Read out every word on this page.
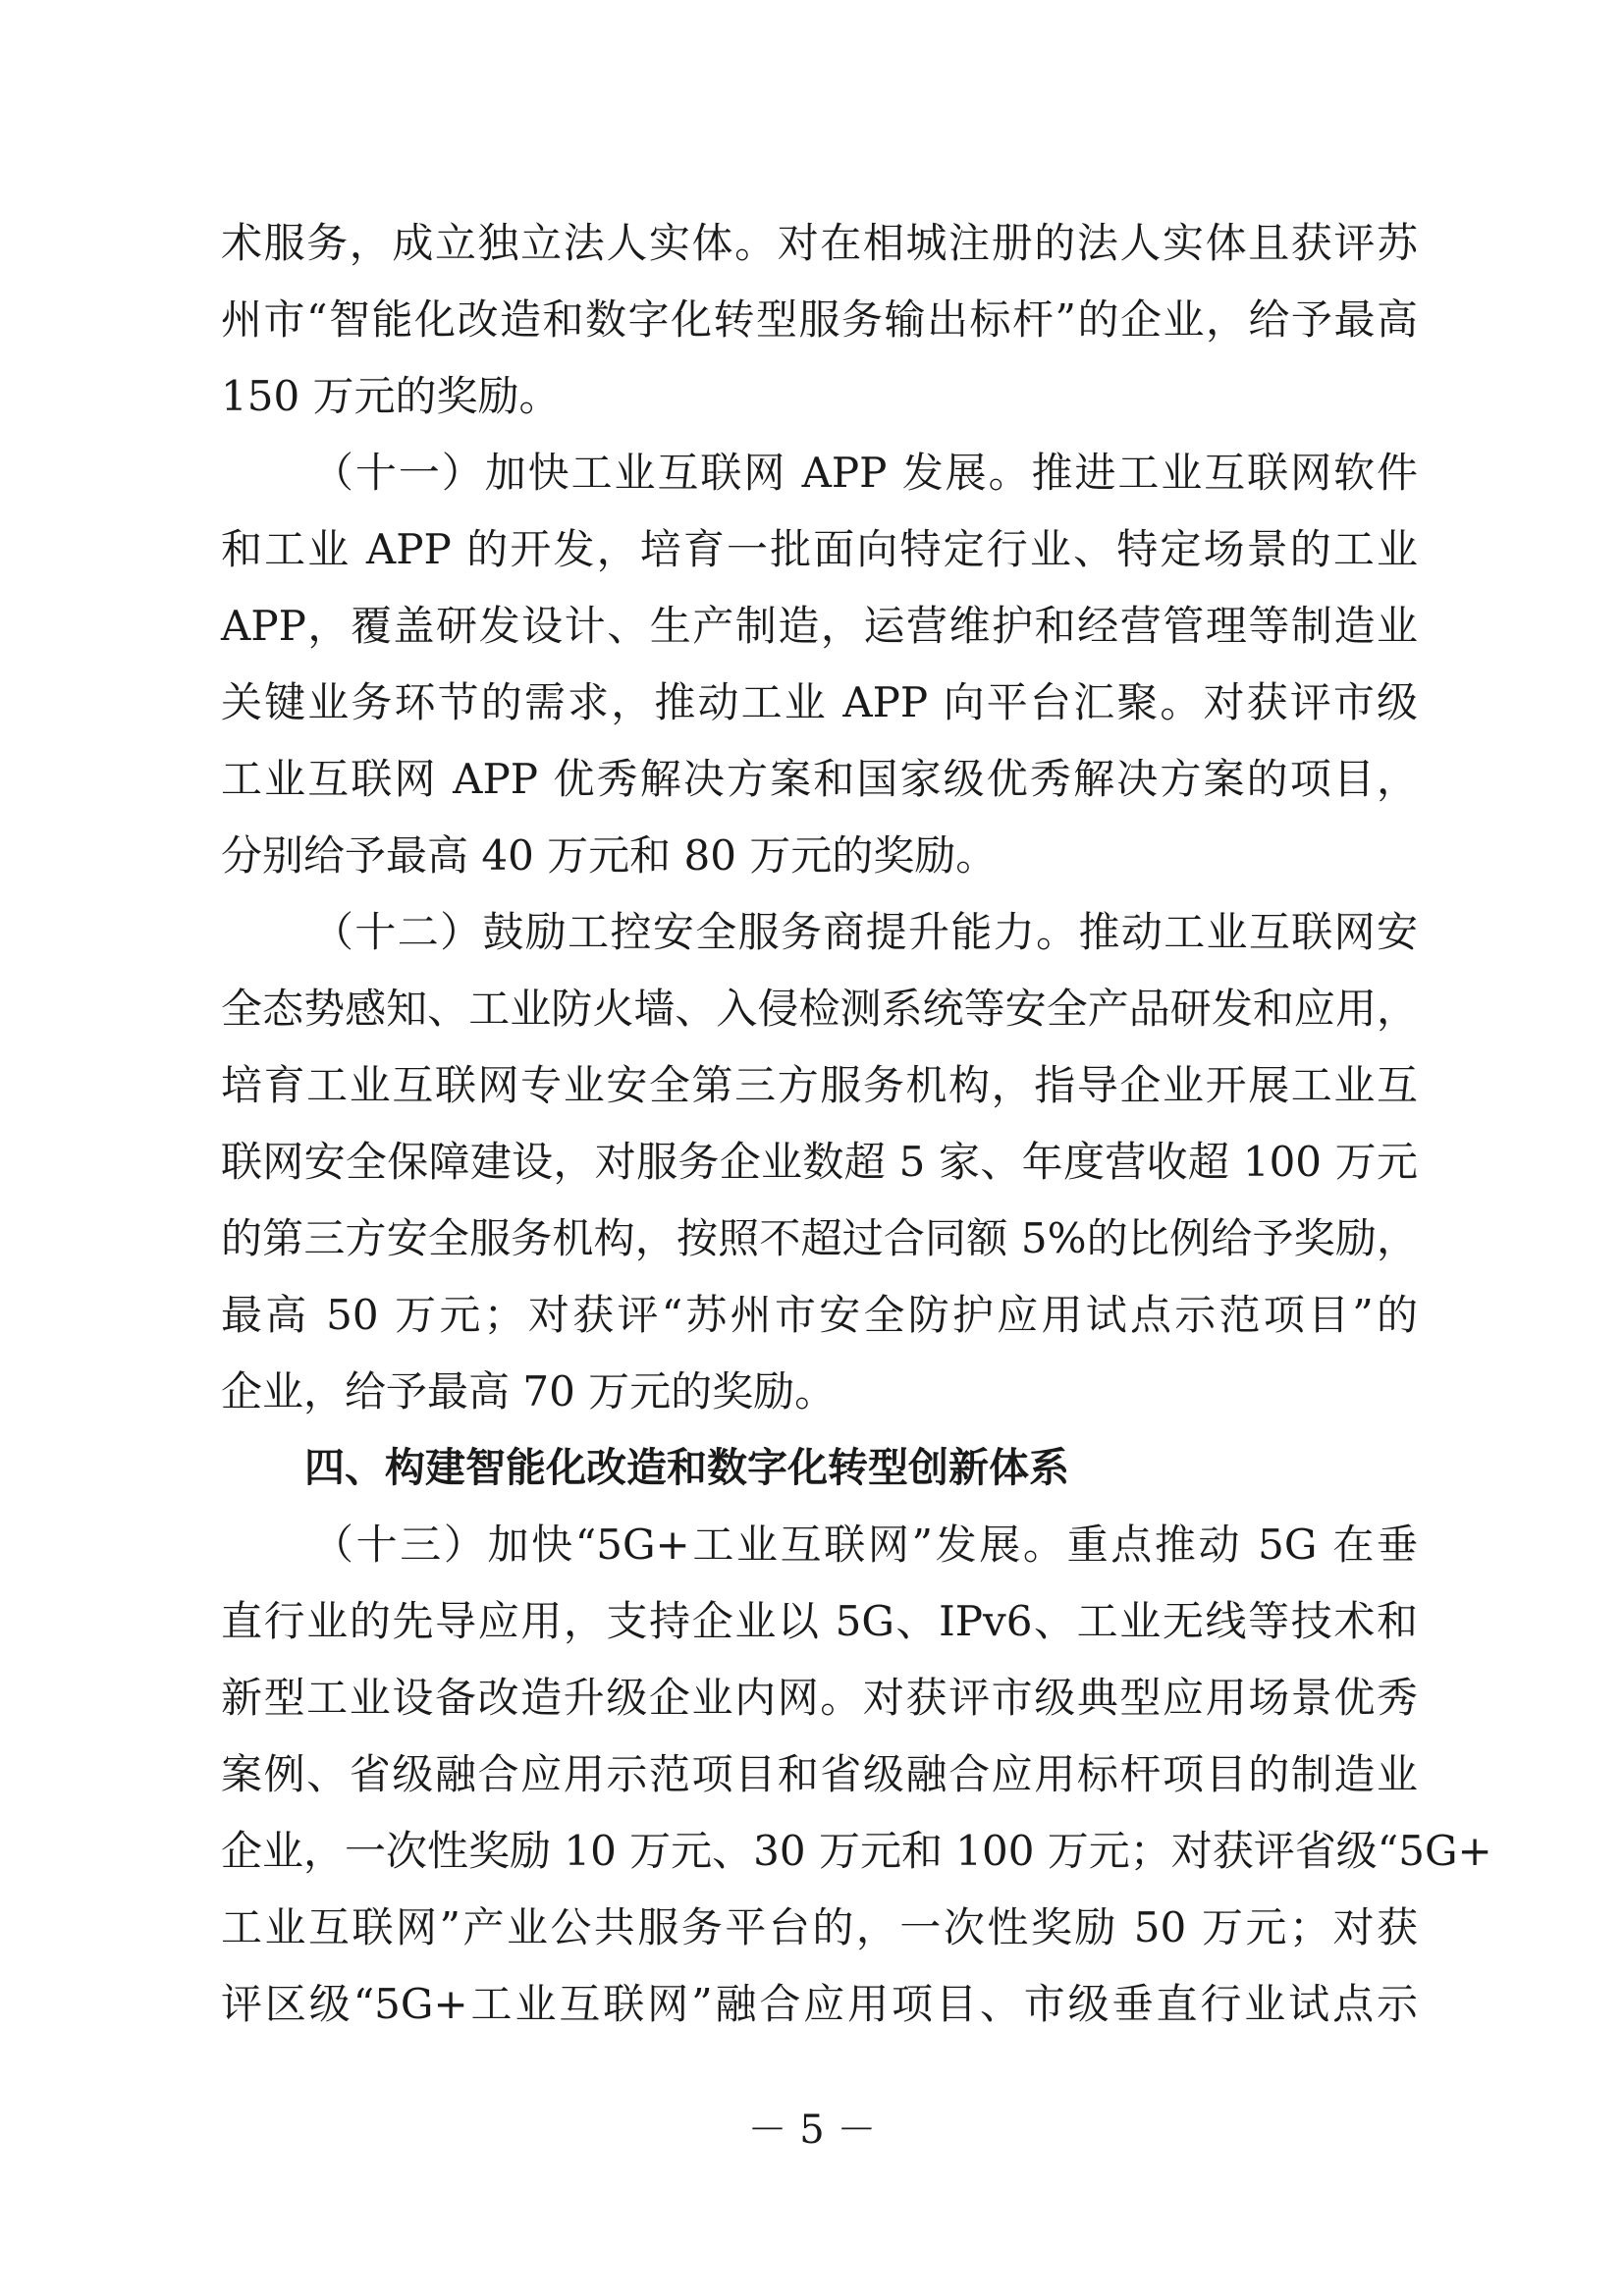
术服务，成立独立法人实体。对在相城注册的法人实体且获评苏
州市“智能化改造和数字化转型服务输出标杆”的企业，给予最高
150 万元的奖励。
（十一）加快工业互联网 APP 发展。推进工业互联网软件
和工业 APP 的开发，培育一批面向特定行业、特定场景的工业
APP，覆盖研发设计、生产制造，运营维护和经营管理等制造业
关键业务环节的需求，推动工业 APP 向平台汇聚。对获评市级
工业互联网 APP 优秀解决方案和国家级优秀解决方案的项目，
分别给予最高 40 万元和 80 万元的奖励。
（十二）鼓励工控安全服务商提升能力。推动工业互联网安
全态势感知、工业防火墙、入侵检测系统等安全产品研发和应用，
培育工业互联网专业安全第三方服务机构，指导企业开展工业互
联网安全保障建设，对服务企业数超 5 家、年度营收超 100 万元
的第三方安全服务机构，按照不超过合同额 5%的比例给予奖励，
最高 50 万元；对获评“苏州市安全防护应用试点示范项目”的
企业，给予最高 70 万元的奖励。
四、构建智能化改造和数字化转型创新体系
（十三）加快“5G+工业互联网”发展。重点推动 5G 在垂
直行业的先导应用，支持企业以 5G、IPv6、工业无线等技术和
新型工业设备改造升级企业内网。对获评市级典型应用场景优秀
案例、省级融合应用示范项目和省级融合应用标杆项目的制造业
企业，一次性奖励 10 万元、30 万元和 100 万元；对获评省级“5G+
工业互联网”产业公共服务平台的，一次性奖励 50 万元；对获
评区级“5G+工业互联网”融合应用项目、市级垂直行业试点示
－ 5 －
